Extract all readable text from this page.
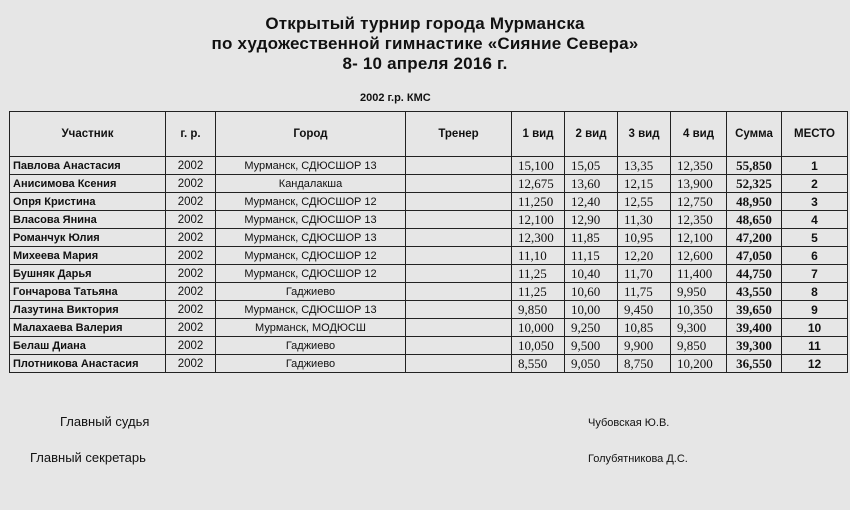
Открытый турнир города Мурманска
по художественной гимнастике «Сияние Севера»
8- 10 апреля 2016 г.
2002 г.р. КМС
Участник	г. р.	Город	Тренер	1 вид	2 вид	3 вид	4 вид	Сумма	МЕСТО
Павлова Анастасия	2002	Мурманск, СДЮСШОР 13		15,100	15,05	13,35	12,350	55,850	1
Анисимова Ксения	2002	Кандалакша		12,675	13,60	12,15	13,900	52,325	2
Опря Кристина	2002	Мурманск, СДЮСШОР 12		11,250	12,40	12,55	12,750	48,950	3
Власова Янина	2002	Мурманск, СДЮСШОР 13		12,100	12,90	11,30	12,350	48,650	4
Романчук Юлия	2002	Мурманск, СДЮСШОР 13		12,300	11,85	10,95	12,100	47,200	5
Михеева Мария	2002	Мурманск, СДЮСШОР 12		11,10	11,15	12,20	12,600	47,050	6
Бушняк Дарья	2002	Мурманск, СДЮСШОР 12		11,25	10,40	11,70	11,400	44,750	7
Гончарова Татьяна	2002	Гаджиево		11,25	10,60	11,75	9,950	43,550	8
Лазутина Виктория	2002	Мурманск, СДЮСШОР 13		9,850	10,00	9,450	10,350	39,650	9
Малахаева Валерия	2002	Мурманск, МОДЮСШ		10,000	9,250	10,85	9,300	39,400	10
Белаш Диана	2002	Гаджиево		10,050	9,500	9,900	9,850	39,300	11
Плотникова Анастасия	2002	Гаджиево		8,550	9,050	8,750	10,200	36,550	12
Главный судья	Чубовская Ю.В.
Главный секретарь	Голубятникова Д.С.
